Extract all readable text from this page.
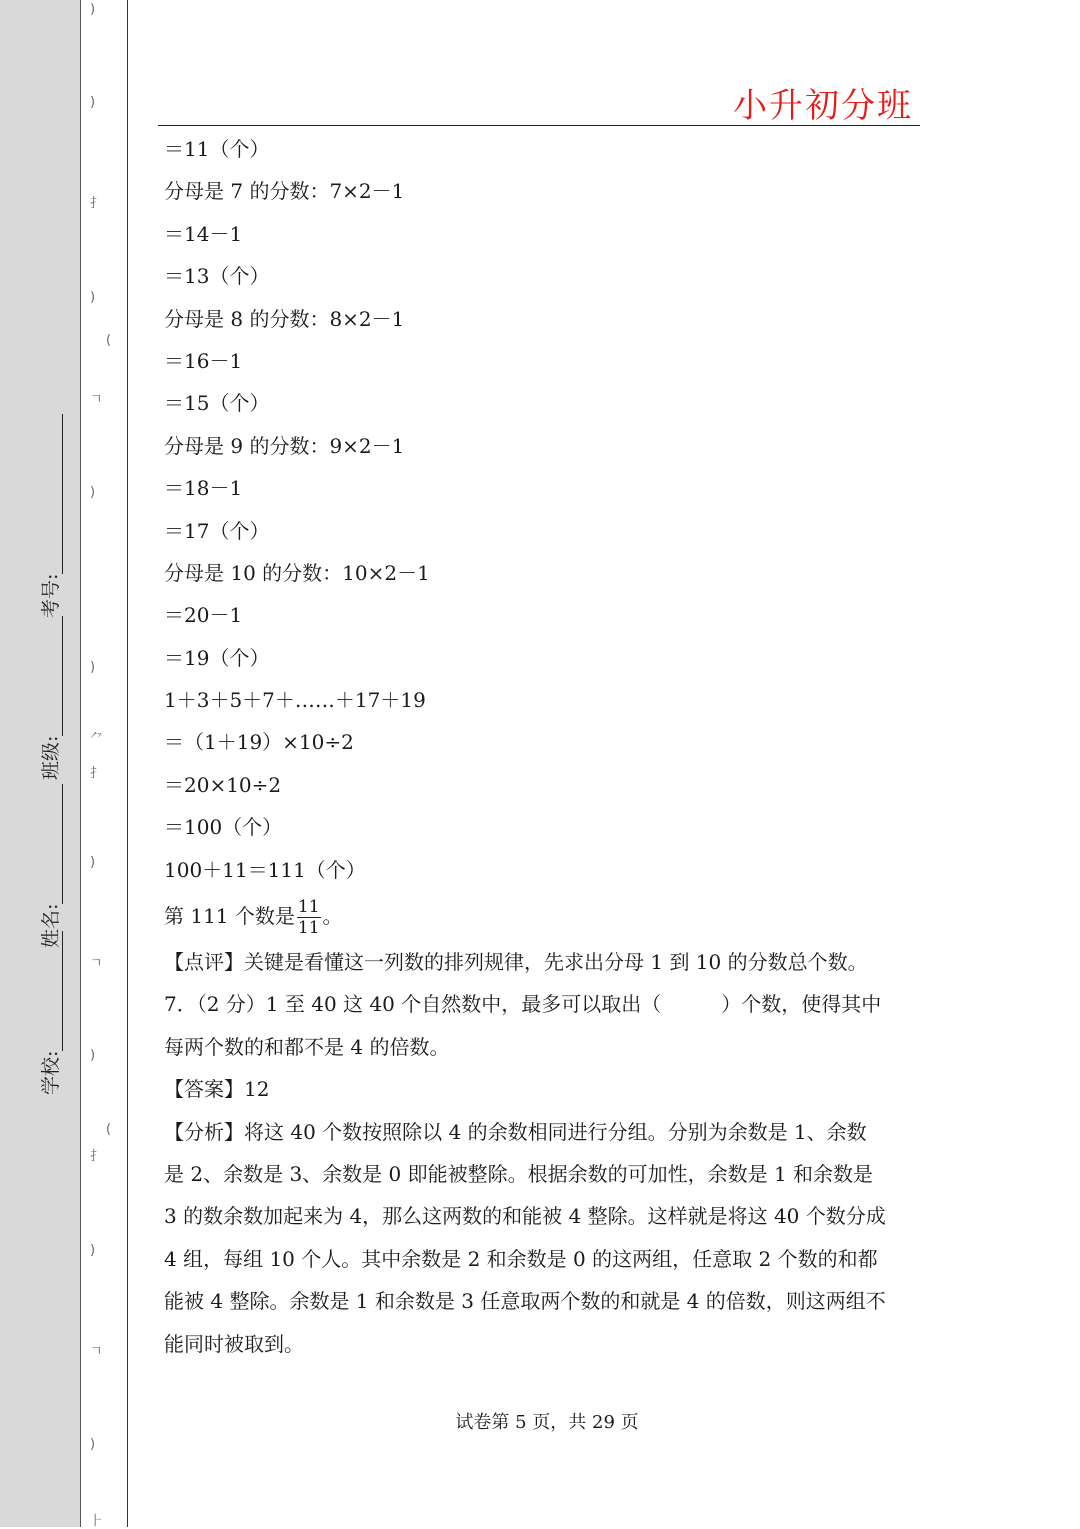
)
)
⺘
)
(
ㄱ
)
)
⺈
⺘
)
ㄱ
)
(
⺘
)
ㄱ
)
⺊
学校:
姓名:
班级:
考号:
小升初分班
＝11（个）
分母是 7 的分数：7×2－1
＝14－1
＝13（个）
分母是 8 的分数：8×2－1
＝16－1
＝15（个）
分母是 9 的分数：9×2－1
＝18－1
＝17（个）
分母是 10 的分数：10×2－1
＝20－1
＝19（个）
1＋3＋5＋7＋……＋17＋19
＝（1＋19）×10÷2
＝20×10÷2
＝100（个）
100＋11＝111（个）
第 111 个数是 $\frac{11}{11}$ 。
【点评】关键是看懂这一列数的排列规律，先求出分母 1 到 10 的分数总个数。
7．（2 分）1 至 40 这 40 个自然数中，最多可以取出（　　　）个数，使得其中
每两个数的和都不是 4 的倍数。
【答案】12
【分析】将这 40 个数按照除以 4 的余数相同进行分组。分别为余数是 1、余数
是 2、余数是 3、余数是 0 即能被整除。根据余数的可加性，余数是 1 和余数是
3 的数余数加起来为 4，那么这两数的和能被 4 整除。这样就是将这 40 个数分成
4 组，每组 10 个人。其中余数是 2 和余数是 0 的这两组，任意取 2 个数的和都
能被 4 整除。余数是 1 和余数是 3 任意取两个数的和就是 4 的倍数，则这两组不
能同时被取到。
试卷第 5 页，共 29 页
